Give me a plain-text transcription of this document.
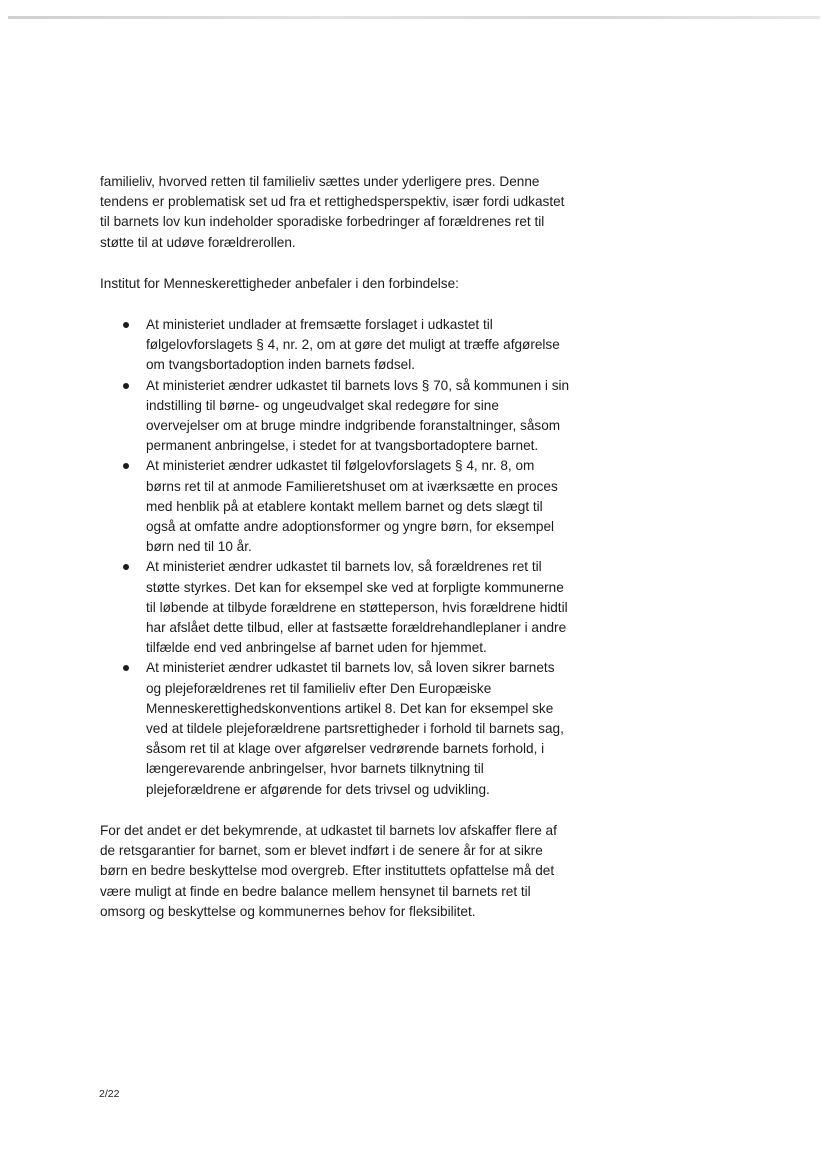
familieliv, hvorved retten til familieliv sættes under yderligere pres. Denne tendens er problematisk set ud fra et rettighedsperspektiv, især fordi udkastet til barnets lov kun indeholder sporadiske forbedringer af forældrenes ret til støtte til at udøve forældrerollen.

Institut for Menneskerettigheder anbefaler i den forbindelse:

At ministeriet undlader at fremsætte forslaget i udkastet til følgelovforslagets § 4, nr. 2, om at gøre det muligt at træffe afgørelse om tvangsbortadoption inden barnets fødsel.
At ministeriet ændrer udkastet til barnets lovs § 70, så kommunen i sin indstilling til børne- og ungeudvalget skal redegøre for sine overvejelser om at bruge mindre indgribende foranstaltninger, såsom permanent anbringelse, i stedet for at tvangsbortadoptere barnet.
At ministeriet ændrer udkastet til følgelovforslagets § 4, nr. 8, om børns ret til at anmode Familieretshuset om at iværksætte en proces med henblik på at etablere kontakt mellem barnet og dets slægt til også at omfatte andre adoptionsformer og yngre børn, for eksempel børn ned til 10 år.
At ministeriet ændrer udkastet til barnets lov, så forældrenes ret til støtte styrkes. Det kan for eksempel ske ved at forpligte kommunerne til løbende at tilbyde forældrene en støtteperson, hvis forældrene hidtil har afslået dette tilbud, eller at fastsætte forældrehandleplaner i andre tilfælde end ved anbringelse af barnet uden for hjemmet.
At ministeriet ændrer udkastet til barnets lov, så loven sikrer barnets og plejeforældrenes ret til familieliv efter Den Europæiske Menneskerettighedskonventions artikel 8. Det kan for eksempel ske ved at tildele plejeforældrene partsrettigheder i forhold til barnets sag, såsom ret til at klage over afgørelser vedrørende barnets forhold, i længerevarende anbringelser, hvor barnets tilknytning til plejeforældrene er afgørende for dets trivsel og udvikling.

For det andet er det bekymrende, at udkastet til barnets lov afskaffer flere af de retsgarantier for barnet, som er blevet indført i de senere år for at sikre børn en bedre beskyttelse mod overgreb. Efter instituttets opfattelse må det være muligt at finde en bedre balance mellem hensynet til barnets ret til omsorg og beskyttelse og kommunernes behov for fleksibilitet.

2/22
